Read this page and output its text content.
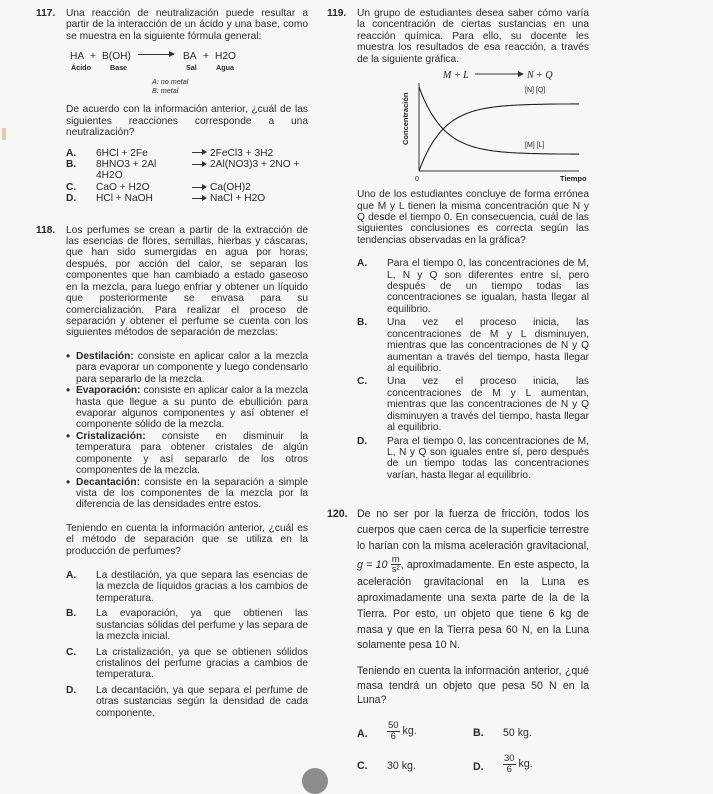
117. Una reacción de neutralización puede resultar a partir de la interacción de un ácido y una base, como se muestra en la siguiente fórmula general:

HA + B(OH) → BA + H2O
Ácido	Base	Sal	Agua
A: no metal
B: metal

De acuerdo con la información anterior, ¿cuál de las siguientes reacciones corresponde a una neutralización?

A. 6HCl + 2Fe	2FeCl3 + 3H2
B. 8HNO3 + 2Al	2Al(NO3)3 + 2NO + 4H2O
C. CaO + H2O	Ca(OH)2
D. HCl + NaOH	NaCl + H2O
118. Los perfumes se crean a partir de la extracción de las esencias de flores, semillas, hierbas y cáscaras, que han sido sumergidas en agua por horas; después, por acción del calor, se separan los componentes que han cambiado a estado gaseoso en la mezcla, para luego enfriar y obtener un líquido que posteriormente se envasa para su comercialización. Para realizar el proceso de separación y obtener el perfume se cuenta con los siguientes métodos de separación de mezclas:

• Destilación: consiste en aplicar calor a la mezcla para evaporar un componente y luego condensarlo para separarlo de la mezcla.
• Evaporación: consiste en aplicar calor a la mezcla hasta que llegue a su punto de ebullición para evaporar algunos componentes y así obtener el componente sólido de la mezcla.
• Cristalización: consiste en disminuir la temperatura para obtener cristales de algún componente y así separarlo de los otros componentes de la mezcla.
• Decantación: consiste en la separación a simple vista de los componentes de la mezcla por la diferencia de las densidades entre estos.

Teniendo en cuenta la información anterior, ¿cuál es el método de separación que se utiliza en la producción de perfumes?

A. La destilación, ya que separa las esencias de la mezcla de líquidos gracias a los cambios de temperatura.
B. La evaporación, ya que obtienen las sustancias sólidas del perfume y las separa de la mezcla inicial.
C. La cristalización, ya que se obtienen sólidos cristalinos del perfume gracias a cambios de temperatura.
D. La decantación, ya que separa el perfume de otras sustancias según la densidad de cada componente.
119. Un grupo de estudiantes desea saber cómo varía la concentración de ciertas sustancias en una reacción química. Para ello, su docente les muestra los resultados de esa reacción, a través de la siguiente gráfica.

M + L	N + Q
Concentración
0	Tiempo
[N] [Q]
[M] [L]

Uno de los estudiantes concluye de forma errónea que M y L tienen la misma concentración que N y Q desde el tiempo 0. En consecuencia, cuál de las siguientes conclusiones es correcta según las tendencias observadas en la gráfica?

A. Para el tiempo 0, las concentraciones de M, L, N y Q son diferentes entre sí, pero después de un tiempo todas las concentraciones se igualan, hasta llegar al equilibrio.
B. Una vez el proceso inicia, las concentraciones de M y L disminuyen, mientras que las concentraciones de N y Q aumentan a través del tiempo, hasta llegar al equilibrio.
C. Una vez el proceso inicia, las concentraciones de M y L aumentan, mientras que las concentraciones de N y Q disminuyen a través del tiempo, hasta llegar al equilibrio.
D. Para el tiempo 0, las concentraciones de M, L, N y Q son iguales entre sí, pero después de un tiempo todas las concentraciones varían, hasta llegar al equilibrio.
120. De no ser por la fuerza de fricción, todos los cuerpos que caen cerca de la superficie terrestre lo harían con la misma aceleración gravitacional, $g = 10 \frac{m}{\text{s²}}$ , aproximadamente. En este aspecto, la aceleración gravitacional en la Luna es aproximadamente una sexta parte de la de la Tierra. Por esto, un objeto que tiene 6 kg de masa y que en la Tierra pesa 60 N, en la Luna solamente pesa 10 N.

Teniendo en cuenta la información anterior, ¿qué masa tendrá un objeto que pesa 50 N en la Luna?

A. $\frac{50}{6}$ kg.	B. 50 kg.
C. 30 kg.	D. $\frac{30}{6}$ kg.
